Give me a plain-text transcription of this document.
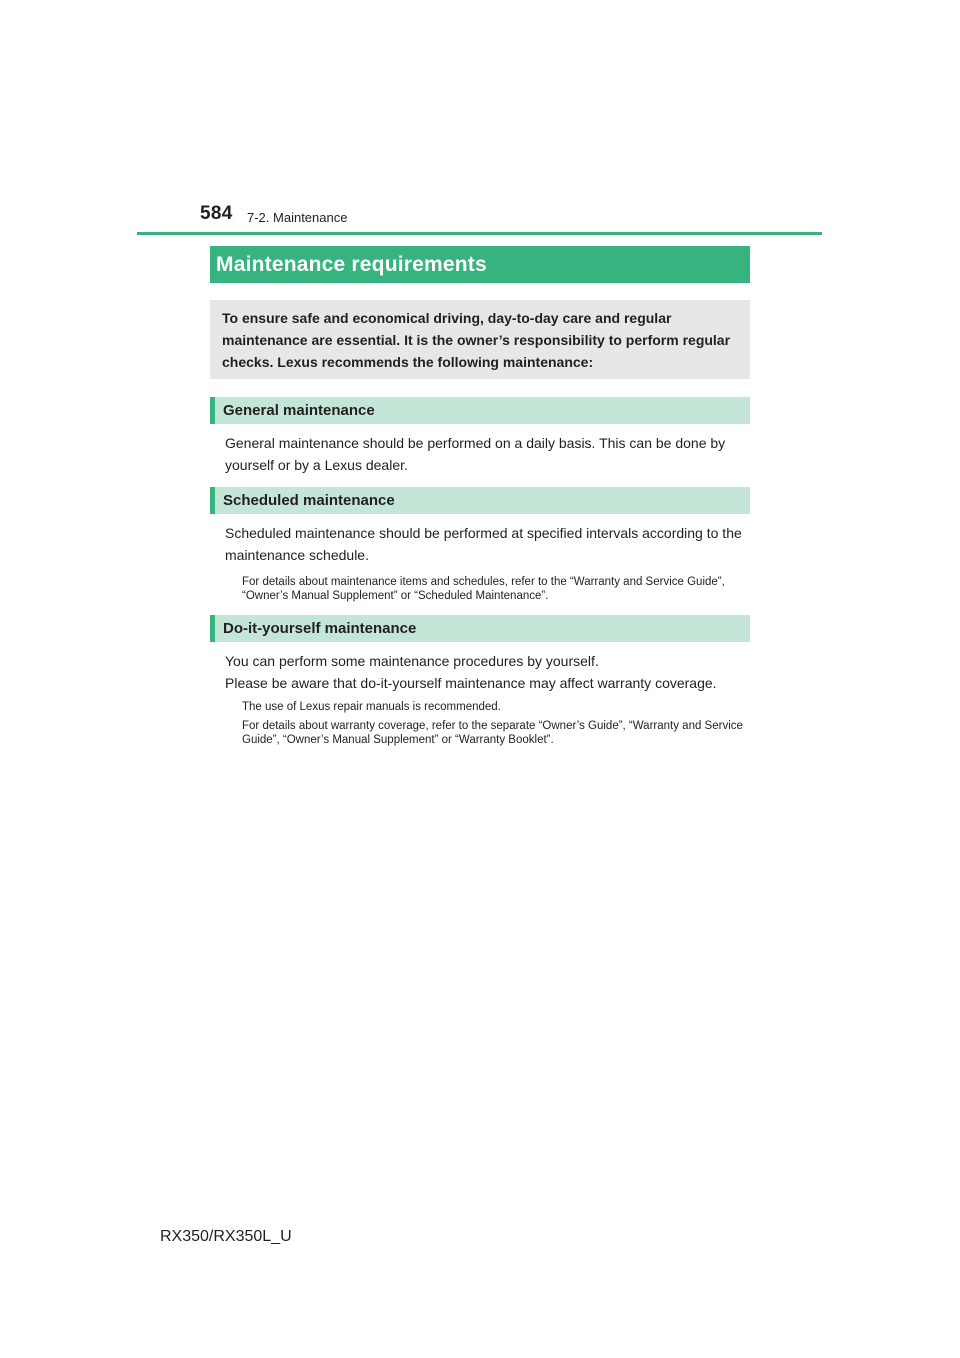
584 7-2. Maintenance
Maintenance requirements
To ensure safe and economical driving, day-to-day care and regular maintenance are essential. It is the owner’s responsibility to perform regular checks. Lexus recommends the following maintenance:
General maintenance
General maintenance should be performed on a daily basis. This can be done by yourself or by a Lexus dealer.
Scheduled maintenance
Scheduled maintenance should be performed at specified intervals according to the maintenance schedule.
For details about maintenance items and schedules, refer to the “Warranty and Service Guide”, “Owner’s Manual Supplement” or “Scheduled Maintenance”.
Do-it-yourself maintenance
You can perform some maintenance procedures by yourself.
Please be aware that do-it-yourself maintenance may affect warranty coverage.
The use of Lexus repair manuals is recommended.
For details about warranty coverage, refer to the separate “Owner’s Guide”, “Warranty and Service Guide”, “Owner’s Manual Supplement” or “Warranty Booklet”.
RX350/RX350L_U
